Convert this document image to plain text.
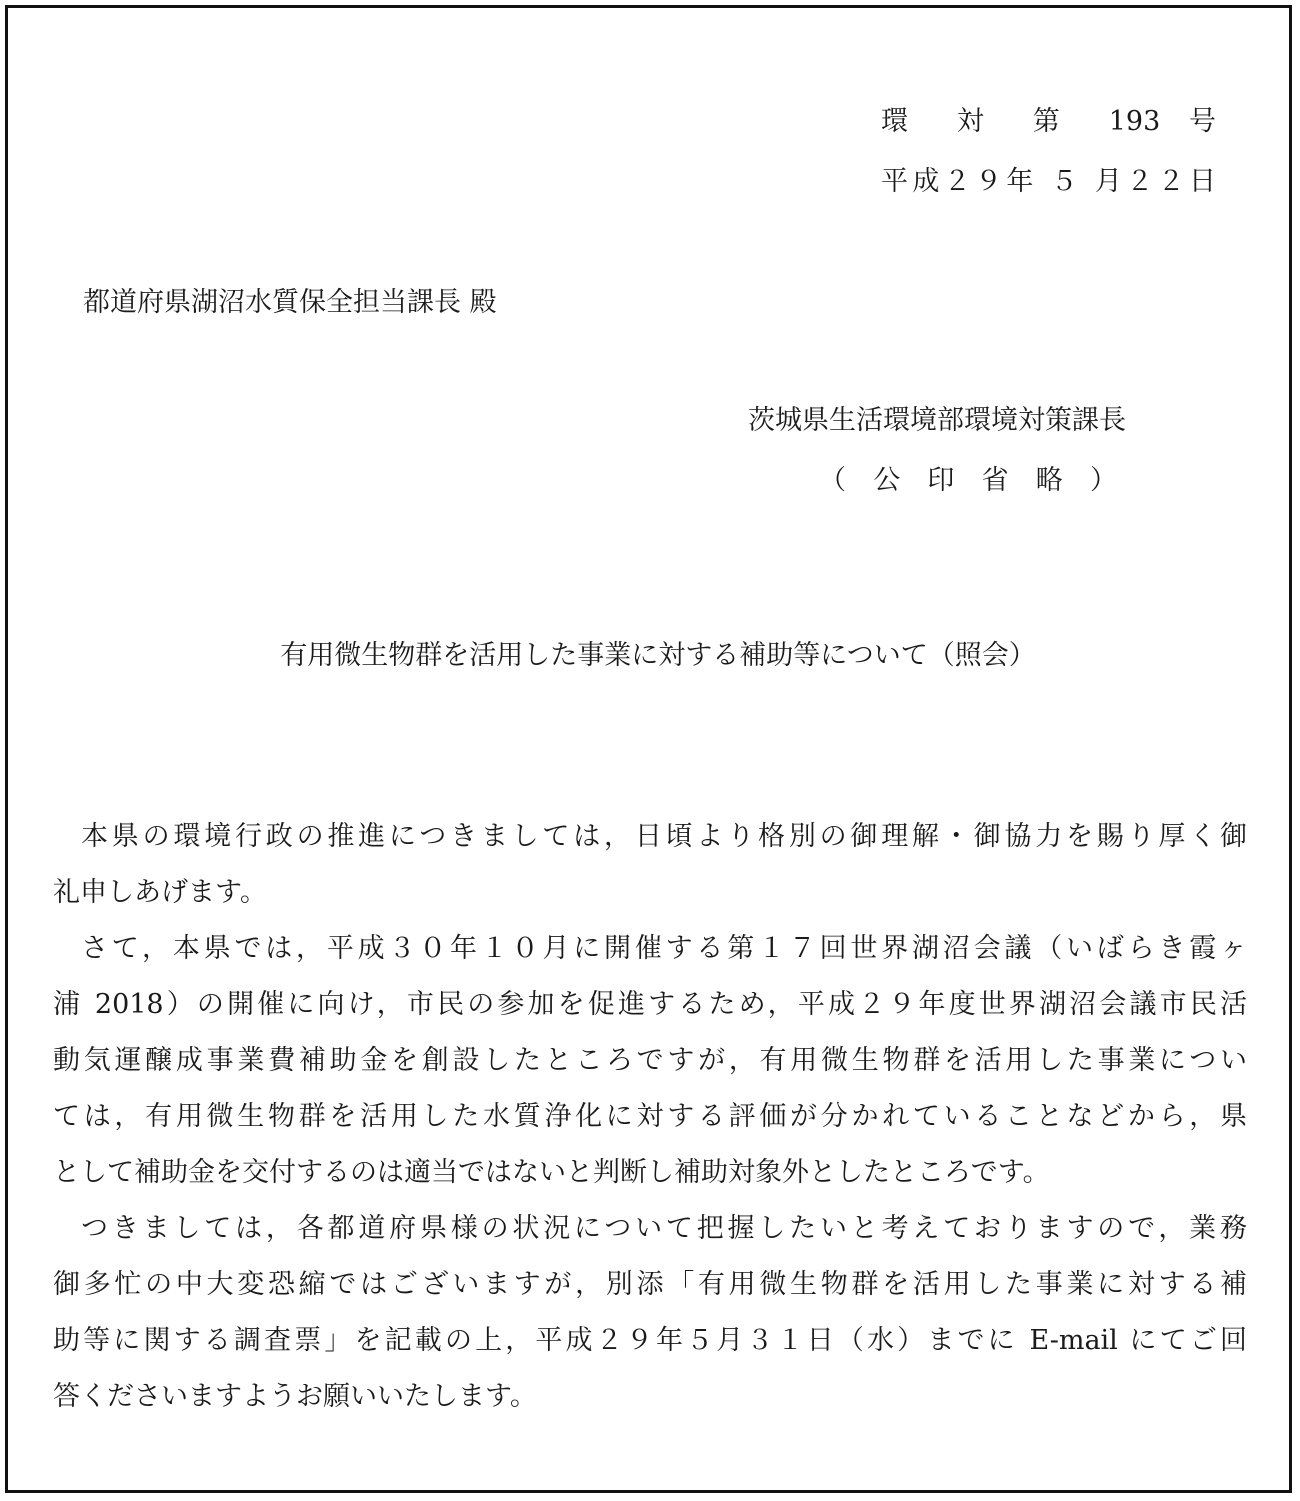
環 対 第 193 号
平成２９年 ５ 月２２日
都道府県湖沼水質保全担当課長 殿
茨城県生活環境部環境対策課長
（ 公 印 省 略 ）
有用微生物群を活用した事業に対する補助等について（照会）
本県の環境行政の推進につきましては，日頃より格別の御理解・御協力を賜り厚く御
礼申しあげます。
さて，本県では，平成３０年１０月に開催する第１７回世界湖沼会議（いばらき霞ヶ
浦 2018）の開催に向け，市民の参加を促進するため，平成２９年度世界湖沼会議市民活
動気運醸成事業費補助金を創設したところですが，有用微生物群を活用した事業につい
ては，有用微生物群を活用した水質浄化に対する評価が分かれていることなどから，県
として補助金を交付するのは適当ではないと判断し補助対象外としたところです。
つきましては，各都道府県様の状況について把握したいと考えておりますので，業務
御多忙の中大変恐縮ではございますが，別添「有用微生物群を活用した事業に対する補
助等に関する調査票」を記載の上，平成２９年５月３１日（水）までに E-mail にてご回
答くださいますようお願いいたします。
